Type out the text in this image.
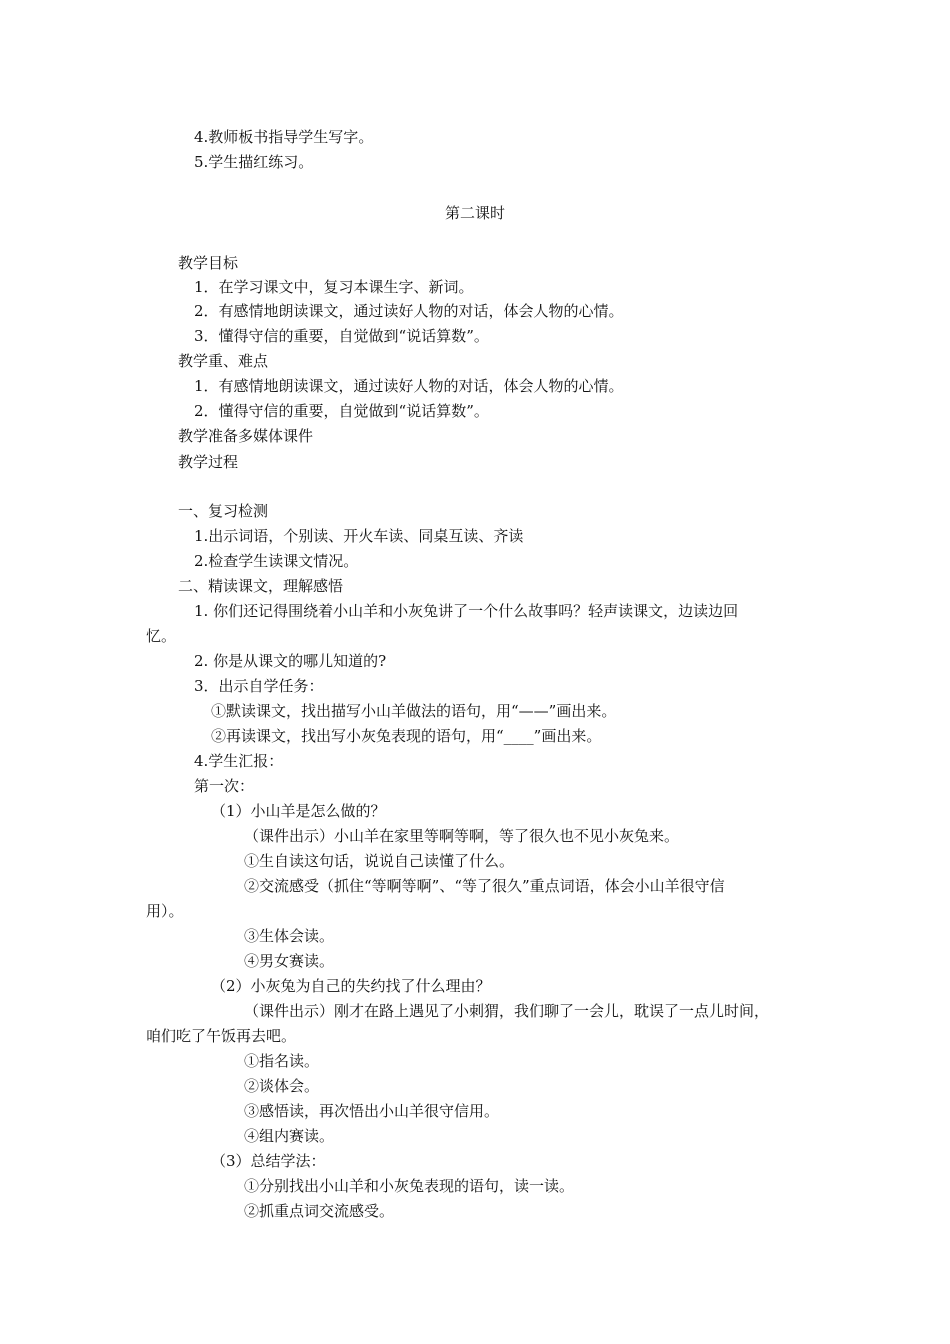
4.教师板书指导学生写字。
5.学生描红练习。
第二课时
教学目标
1．在学习课文中，复习本课生字、新词。
2．有感情地朗读课文，通过读好人物的对话，体会人物的心情。
3．懂得守信的重要，自觉做到“说话算数”。
教学重、难点
1．有感情地朗读课文，通过读好人物的对话，体会人物的心情。
2．懂得守信的重要，自觉做到“说话算数”。
教学准备多媒体课件
教学过程
一、复习检测
1.出示词语，个别读、开火车读、同桌互读、齐读
2.检查学生读课文情况。
二、精读课文，理解感悟
1. 你们还记得围绕着小山羊和小灰兔讲了一个什么故事吗？轻声读课文，边读边回
忆。
2. 你是从课文的哪儿知道的?
3．出示自学任务：
①默读课文，找出描写小山羊做法的语句，用“——”画出来。
②再读课文，找出写小灰兔表现的语句，用“____”画出来。
4.学生汇报：
第一次：
（1）小山羊是怎么做的？
（课件出示）小山羊在家里等啊等啊，等了很久也不见小灰兔来。
①生自读这句话，说说自己读懂了什么。
②交流感受（抓住“等啊等啊”、“等了很久”重点词语，体会小山羊很守信
用）。
③生体会读。
④男女赛读。
（2）小灰兔为自己的失约找了什么理由？
（课件出示）刚才在路上遇见了小刺猬，我们聊了一会儿，耽误了一点儿时间，
咱们吃了午饭再去吧。
①指名读。
②谈体会。
③感悟读，再次悟出小山羊很守信用。
④组内赛读。
（3）总结学法：
①分别找出小山羊和小灰兔表现的语句，读一读。
②抓重点词交流感受。
